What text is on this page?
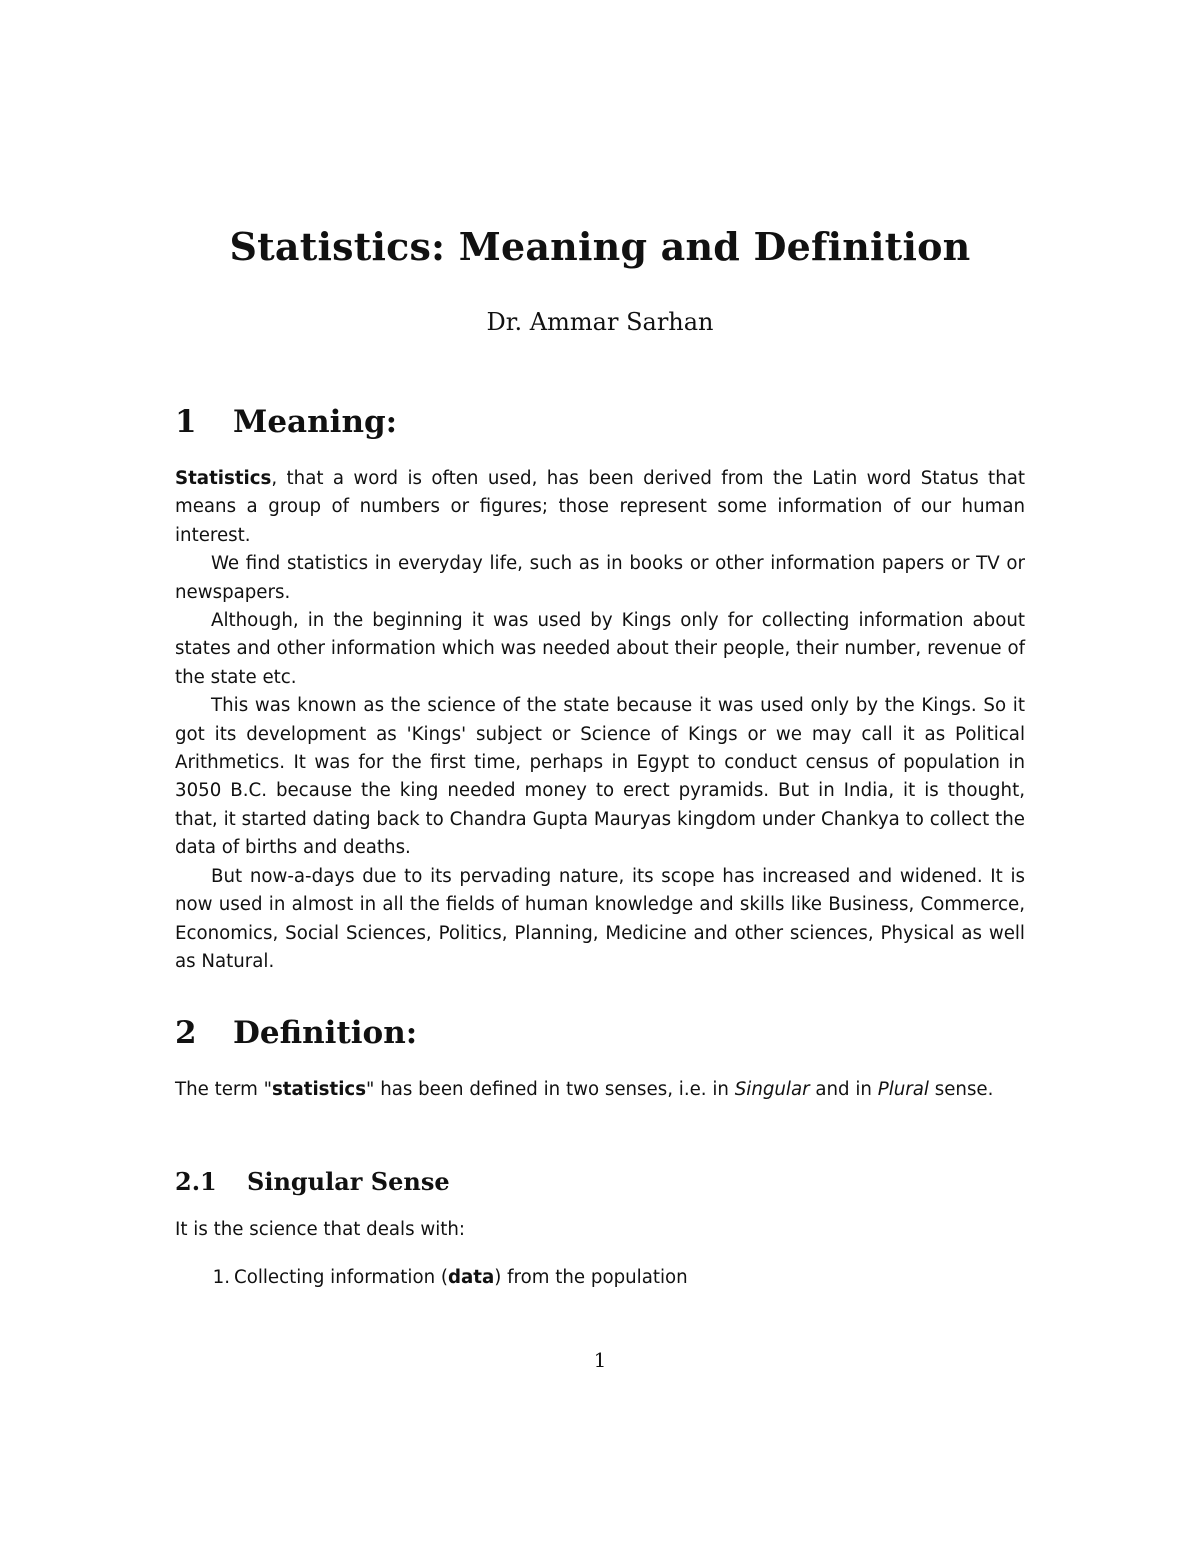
Statistics: Meaning and Definition
Dr. Ammar Sarhan
1 Meaning:

Statistics, that a word is often used, has been derived from the Latin word Status that means a group of numbers or figures; those represent some information of our human interest.

We find statistics in everyday life, such as in books or other information papers or TV or newspapers.

Although, in the beginning it was used by Kings only for collecting information about states and other information which was needed about their people, their number, revenue of the state etc.

This was known as the science of the state because it was used only by the Kings. So it got its development as 'Kings' subject or Science of Kings or we may call it as Political Arithmetics. It was for the first time, perhaps in Egypt to conduct census of population in 3050 B.C. because the king needed money to erect pyramids. But in India, it is thought, that, it started dating back to Chandra Gupta Mauryas kingdom under Chankya to collect the data of births and deaths.

But now-a-days due to its pervading nature, its scope has increased and widened. It is now used in almost in all the fields of human knowledge and skills like Business, Commerce, Economics, Social Sciences, Politics, Planning, Medicine and other sciences, Physical as well as Natural.

2 Definition:

The term "statistics" has been defined in two senses, i.e. in Singular and in Plural sense.

2.1 Singular Sense
It is the science that deals with:
1. Collecting information (data) from the population
1
